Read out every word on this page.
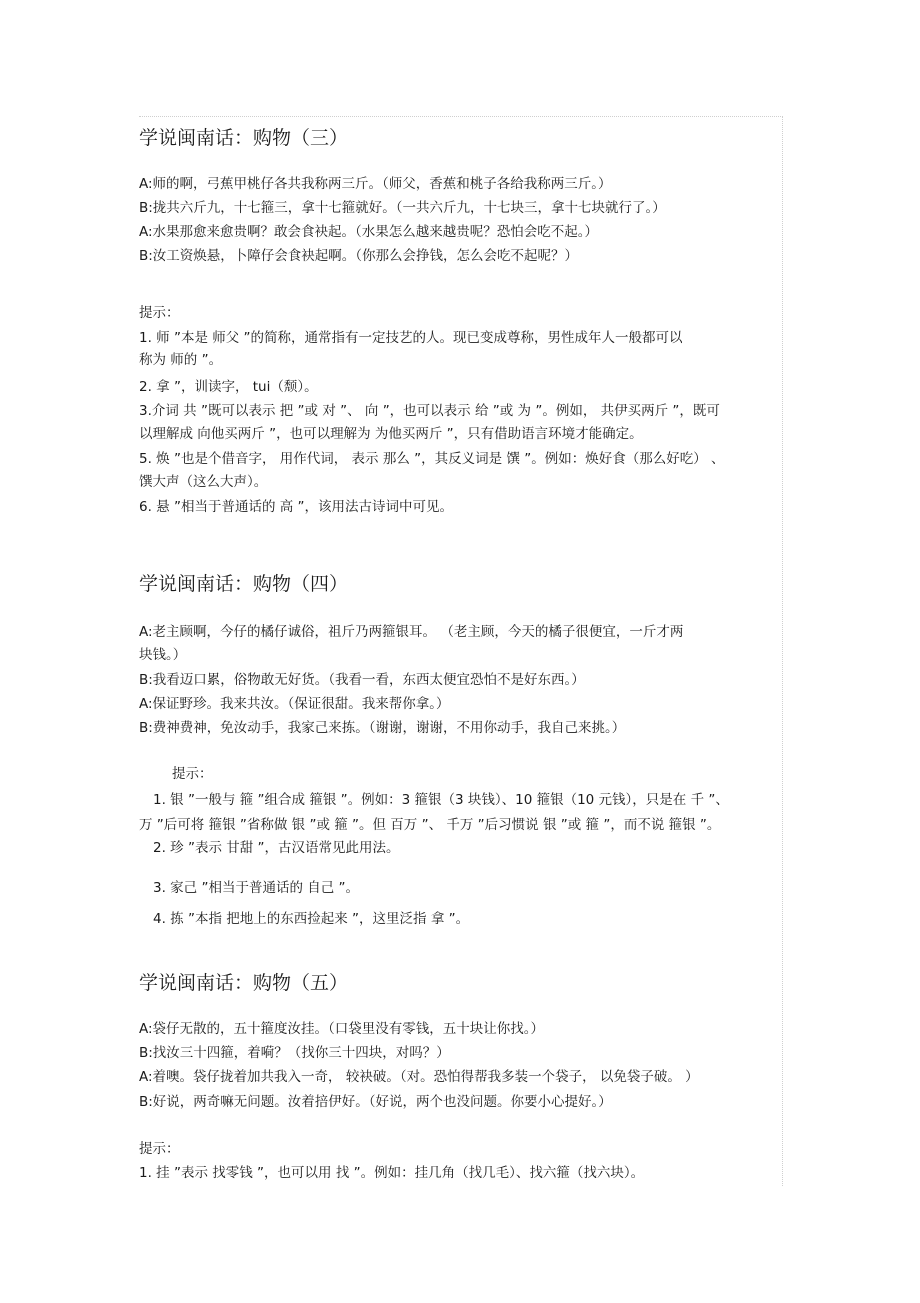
学说闽南话：购物（三）
A:师的啊，弓蕉甲桃仔各共我称两三斤。（师父，香蕉和桃子各给我称两三斤。）
B:拢共六斤九，十七箍三，拿十七箍就好。（一共六斤九，十七块三，拿十七块就行了。）
A:水果那愈来愈贵啊？敢会食袂起。（水果怎么越来越贵呢？恐怕会吃不起。）
B:汝工资焕悬，卜障仔会食袂起啊。（你那么会挣钱，怎么会吃不起呢？）
提示：
1. 师 ”本是 师父 ”的简称，通常指有一定技艺的人。现已变成尊称，男性成年人一般都可以
称为 师的 ”。
2. 拿 ”，训读字， tui（颓）。
3.介词 共 ”既可以表示 把 ”或 对 ”、 向 ”，也可以表示 给 ”或 为 ”。例如， 共伊买两斤 ”，既可
以理解成 向他买两斤 ”，也可以理解为 为他买两斤 ”，只有借助语言环境才能确定。
5. 焕 ”也是个借音字， 用作代词， 表示 那么 ”，其反义词是 馔 ”。例如：焕好食（那么好吃） 、
馔大声（这么大声）。
6. 悬 ”相当于普通话的 高 ”，该用法古诗词中可见。
学说闽南话：购物（四）
A:老主顾啊，今仔的橘仔诚俗，祖斤乃两箍银耳。 （老主顾，今天的橘子很便宜，一斤才两
块钱。）
B:我看迈口累，俗物敢无好货。（我看一看，东西太便宜恐怕不是好东西。）
A:保证野珍。我来共汝。（保证很甜。我来帮你拿。）
B:费神费神，免汝动手，我家己来拣。（谢谢，谢谢，不用你动手，我自己来挑。）
提示：
1. 银 ”一般与 箍 ”组合成 箍银 ”。例如：3 箍银（3 块钱）、10 箍银（10 元钱），只是在 千 ”、
万 ”后可将 箍银 ”省称做 银 ”或 箍 ”。但 百万 ”、 千万 ”后习惯说 银 ”或 箍 ”，而不说 箍银 ”。
2. 珍 ”表示 甘甜 ”，古汉语常见此用法。
3. 家己 ”相当于普通话的 自己 ”。
4. 拣 ”本指 把地上的东西捡起来 ”，这里泛指 拿 ”。
学说闽南话：购物（五）
A:袋仔无散的，五十箍度汝挂。（口袋里没有零钱，五十块让你找。）
B:找汝三十四箍，着嗬？（找你三十四块，对吗？）
A:着噢。袋仔拢着加共我入一奇， 较袂破。（对。恐怕得帮我多装一个袋子， 以免袋子破。 ）
B:好说，两奇嘛无问题。汝着掊伊好。（好说，两个也没问题。你要小心提好。）
提示：
1. 挂 ”表示 找零钱 ”，也可以用 找 ”。例如：挂几角（找几毛）、找六箍（找六块）。
